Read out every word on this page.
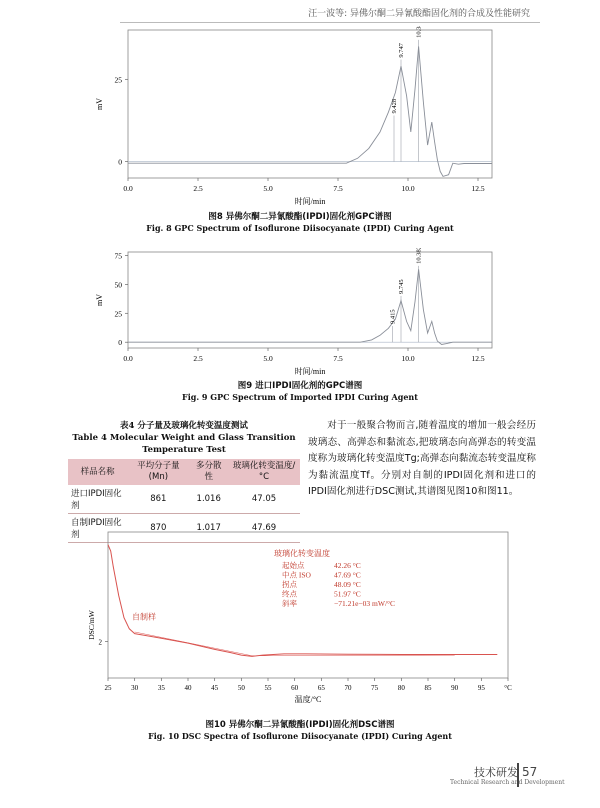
汪一波等: 异佛尔酮二异氰酸酯固化剂的合成及性能研究
0.0	2.5	5.0	7.5	10.0	12.5
0
25
时间/min
mV	9.428
9.747
10.381
图8 异佛尔酮二异氰酸酯(IPDI)固化剂GPC谱图
Fig. 8 GPC Spectrum of Isoflurone Diisocyanate (IPDI) Curing Agent
0.0	2.5	5.0	7.5	10.0	12.5
0
25
50
75
时间/min
mV
9.415
9.745
10.382
图9 进口IPDI固化剂的GPC谱图
Fig. 9 GPC Spectrum of Imported IPDI Curing Agent
表4 分子量及玻璃化转变温度测试
Table 4 Molecular Weight and Glass Transition
Temperature Test
样品名称	平均分子量(Mn)	多分散性	玻璃化转变温度/°C
进口IPDI固化剂	861	1.016	47.05
自制IPDI固化剂	870	1.017	47.69
对于一般聚合物而言,随着温度的增加一般会经历玻璃态、高弹态和黏流态,把玻璃态向高弹态的转变温度称为玻璃化转变温度Tg;高弹态向黏流态转变温度称为黏流温度Tf。分别对自制的IPDI固化剂和进口的IPDI固化剂进行DSC测试,其谱图见图10和图11。
25	30	35	40	45	50	55	60	65	70	75	80	85	90	95	°C
2
温度/°C
DSC/mW	自制样
玻璃化转变温度
起始点	42.26 °C
中点 ISO	47.69 °C
拐点	48.09 °C
终点	51.97 °C
斜率	−71.21e−03 mW/°C
图10 异佛尔酮二异氰酸酯(IPDI)固化剂DSC谱图
Fig. 10 DSC Spectra of Isoflurone Diisocyanate (IPDI) Curing Agent
技术研发
Technical Research and Development
57
